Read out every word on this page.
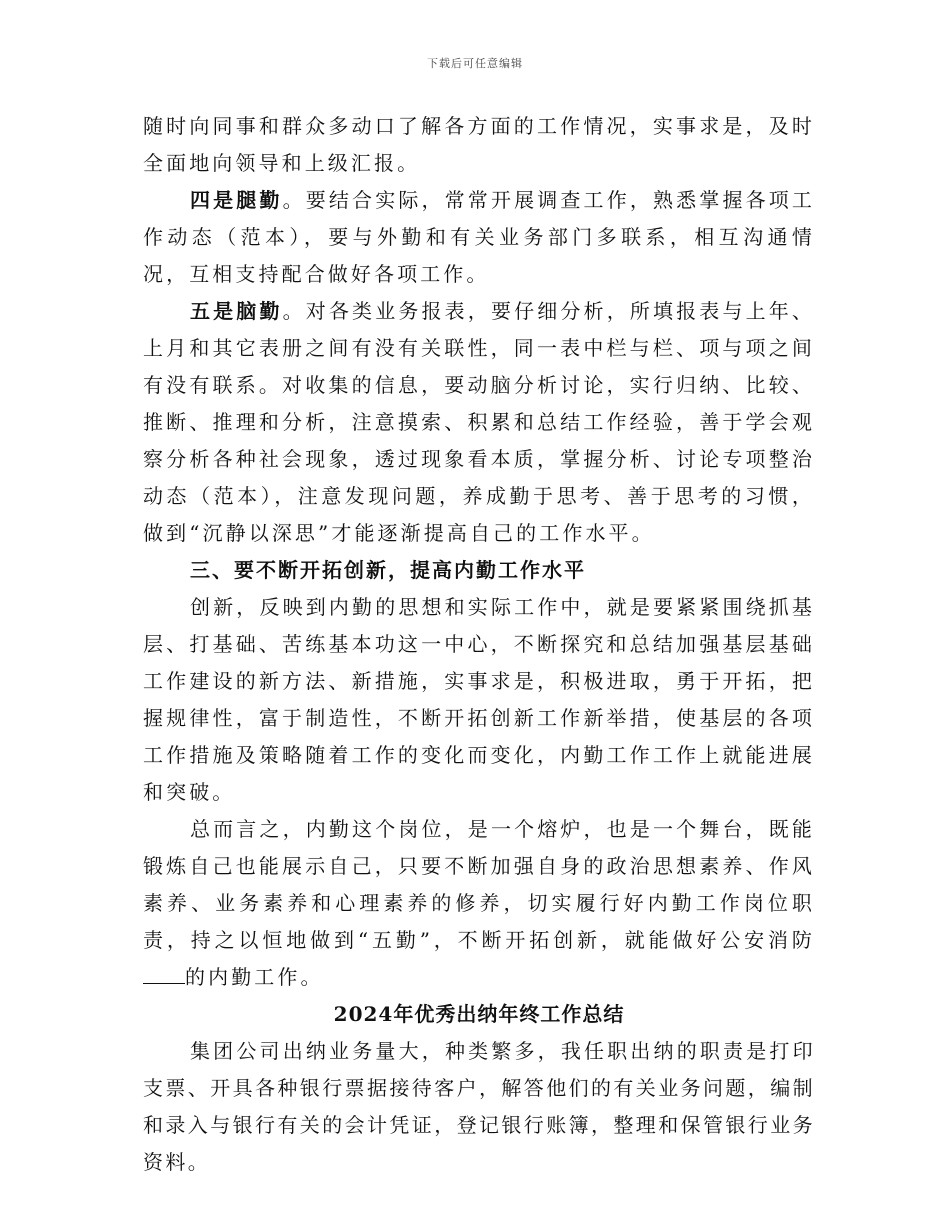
下载后可任意编辑

随时向同事和群众多动口了解各方面的工作情况，实事求是，及时全面地向领导和上级汇报。

四是腿勤。要结合实际，常常开展调查工作，熟悉掌握各项工作动态（范本），要与外勤和有关业务部门多联系，相互沟通情况，互相支持配合做好各项工作。

五是脑勤。对各类业务报表，要仔细分析，所填报表与上年、上月和其它表册之间有没有关联性，同一表中栏与栏、项与项之间有没有联系。对收集的信息，要动脑分析讨论，实行归纳、比较、推断、推理和分析，注意摸索、积累和总结工作经验，善于学会观察分析各种社会现象，透过现象看本质，掌握分析、讨论专项整治动态（范本），注意发现问题，养成勤于思考、善于思考的习惯，做到“沉静以深思”才能逐渐提高自己的工作水平。

三、要不断开拓创新，提高内勤工作水平

创新，反映到内勤的思想和实际工作中，就是要紧紧围绕抓基层、打基础、苦练基本功这一中心，不断探究和总结加强基层基础工作建设的新方法、新措施，实事求是，积极进取，勇于开拓，把握规律性，富于制造性，不断开拓创新工作新举措，使基层的各项工作措施及策略随着工作的变化而变化，内勤工作工作上就能进展和突破。

总而言之，内勤这个岗位，是一个熔炉，也是一个舞台，既能锻炼自己也能展示自己，只要不断加强自身的政治思想素养、作风素养、业务素养和心理素养的修养，切实履行好内勤工作岗位职责，持之以恒地做到“五勤”，不断开拓创新，就能做好公安消防的内勤工作。

2024年优秀出纳年终工作总结

集团公司出纳业务量大，种类繁多，我任职出纳的职责是打印支票、开具各种银行票据接待客户，解答他们的有关业务问题，编制和录入与银行有关的会计凭证，登记银行账簿，整理和保管银行业务资料。
